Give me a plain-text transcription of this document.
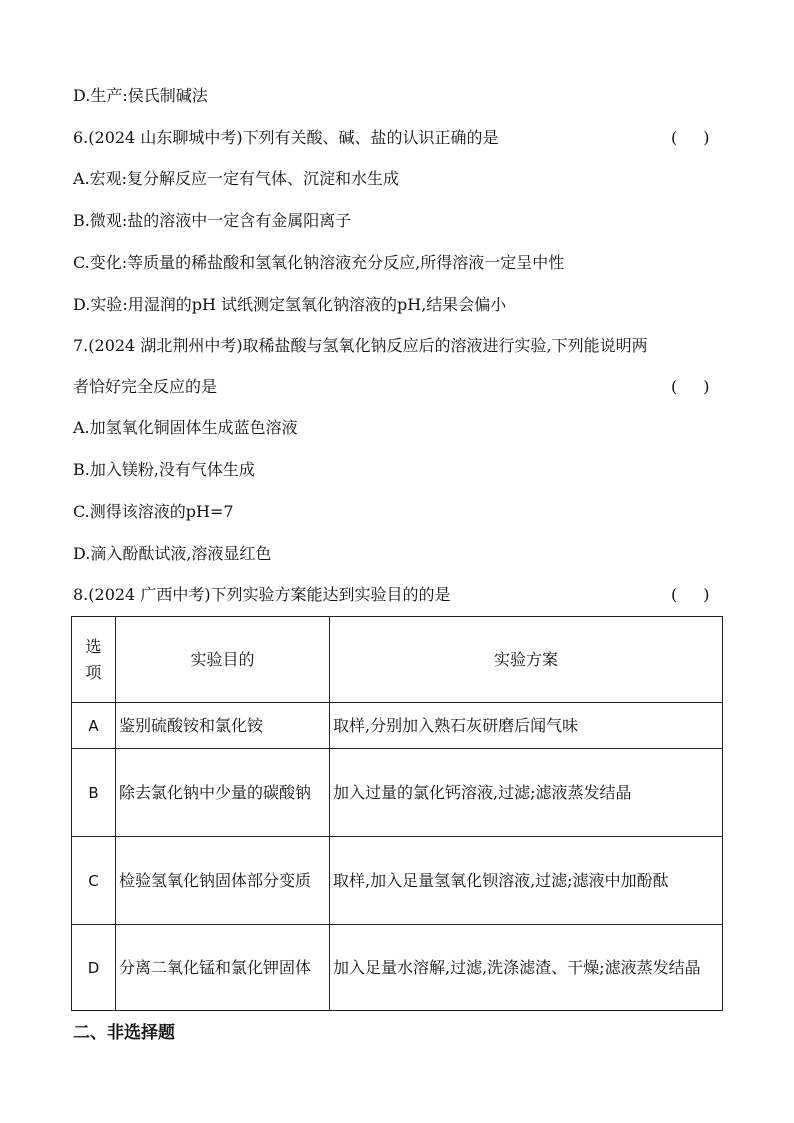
D.生产:侯氏制碱法
6.(2024 山东聊城中考)下列有关酸、碱、盐的认识正确的是	( )
A.宏观:复分解反应一定有气体、沉淀和水生成
B.微观:盐的溶液中一定含有金属阳离子
C.变化:等质量的稀盐酸和氢氧化钠溶液充分反应,所得溶液一定呈中性
D.实验:用湿润的pH 试纸测定氢氧化钠溶液的pH,结果会偏小
7.(2024 湖北荆州中考)取稀盐酸与氢氧化钠反应后的溶液进行实验,下列能说明两
者恰好完全反应的是	( )
A.加氢氧化铜固体生成蓝色溶液
B.加入镁粉,没有气体生成
C.测得该溶液的pH=7
D.滴入酚酞试液,溶液显红色
8.(2024 广西中考)下列实验方案能达到实验目的的是	( )
选项	实验目的	实验方案
A	鉴别硫酸铵和氯化铵	取样,分别加入熟石灰研磨后闻气味
B	除去氯化钠中少量的碳酸钠	加入过量的氯化钙溶液,过滤;滤液蒸发结晶
C	检验氢氧化钠固体部分变质	取样,加入足量氢氧化钡溶液,过滤;滤液中加酚酞
D	分离二氧化锰和氯化钾固体	加入足量水溶解,过滤,洗涤滤渣、干燥;滤液蒸发结晶
二、非选择题
